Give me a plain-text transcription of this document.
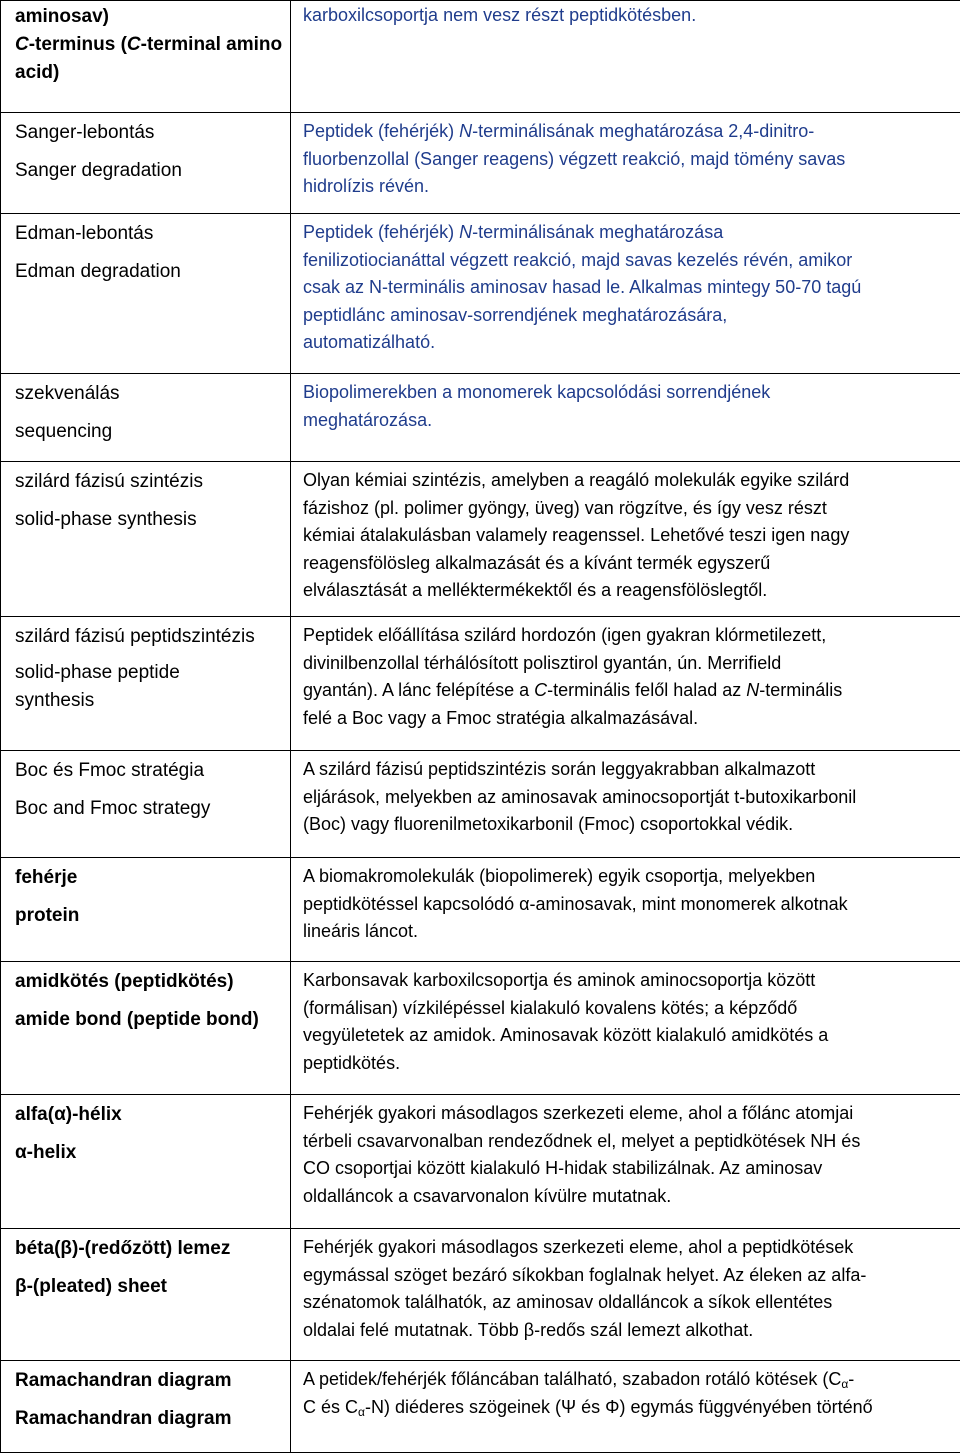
aminosav)
C-terminus (C-terminal amino acid)	karboxilcsoportja nem vesz részt peptidkötésben.

Sanger-lebontás
Sanger degradation	Peptidek (fehérjék) N-terminálisának meghatározása 2,4-dinitro-
fluorbenzollal (Sanger reagens) végzett reakció, majd tömény savas
hidrolízis révén.

Edman-lebontás
Edman degradation	Peptidek (fehérjék) N-terminálisának meghatározása
fenilizotiocianáttal végzett reakció, majd savas kezelés révén, amikor
csak az N-terminális aminosav hasad le. Alkalmas mintegy 50-70 tagú
peptidlánc aminosav-sorrendjének meghatározására,
automatizálható.

szekvenálás
sequencing	Biopolimerekben a monomerek kapcsolódási sorrendjének
meghatározása.

szilárd fázisú szintézis
solid-phase synthesis	Olyan kémiai szintézis, amelyben a reagáló molekulák egyike szilárd
fázishoz (pl. polimer gyöngy, üveg) van rögzítve, és így vesz részt
kémiai átalakulásban valamely reagenssel. Lehetővé teszi igen nagy
reagensfölösleg alkalmazását és a kívánt termék egyszerű
elválasztását a melléktermékektől és a reagensfölöslegtől.

szilárd fázisú peptidszintézis
solid-phase peptide synthesis	Peptidek előállítása szilárd hordozón (igen gyakran klórmetilezett,
divinilbenzollal térhálósított polisztirol gyantán, ún. Merrifield
gyantán). A lánc felépítése a C-terminális felől halad az N-terminális
felé a Boc vagy a Fmoc stratégia alkalmazásával.

Boc és Fmoc stratégia
Boc and Fmoc strategy	A szilárd fázisú peptidszintézis során leggyakrabban alkalmazott
eljárások, melyekben az aminosavak aminocsoportját t-butoxikarbonil
(Boc) vagy fluorenilmetoxikarbonil (Fmoc) csoportokkal védik.

fehérje
protein	A biomakromolekulák (biopolimerek) egyik csoportja, melyekben
peptidkötéssel kapcsolódó α-aminosavak, mint monomerek alkotnak
lineáris láncot.

amidkötés (peptidkötés)
amide bond (peptide bond)	Karbonsavak karboxilcsoportja és aminok aminocsoportja között
(formálisan) vízkilépéssel kialakuló kovalens kötés; a képződő
vegyületetek az amidok. Aminosavak között kialakuló amidkötés a
peptidkötés.

alfa(α)-hélix
α-helix	Fehérjék gyakori másodlagos szerkezeti eleme, ahol a főlánc atomjai
térbeli csavarvonalban rendeződnek el, melyet a peptidkötések NH és
CO csoportjai között kialakuló H-hidak stabilizálnak. Az aminosav
oldalláncok a csavarvonalon kívülre mutatnak.

béta(β)-(redőzött) lemez
β-(pleated) sheet	Fehérjék gyakori másodlagos szerkezeti eleme, ahol a peptidkötések
egymással szöget bezáró síkokban foglalnak helyet. Az éleken az alfa-
szénatomok találhatók, az aminosav oldalláncok a síkok ellentétes
oldalai felé mutatnak. Több β-redős szál lemezt alkothat.

Ramachandran diagram
Ramachandran diagram	A petidek/fehérjék főláncában található, szabadon rotáló kötések ($C_\alpha-$
C és $C_\alpha-N$) diéderes szögeinek (Ψ és Φ) egymás függvényében történő
